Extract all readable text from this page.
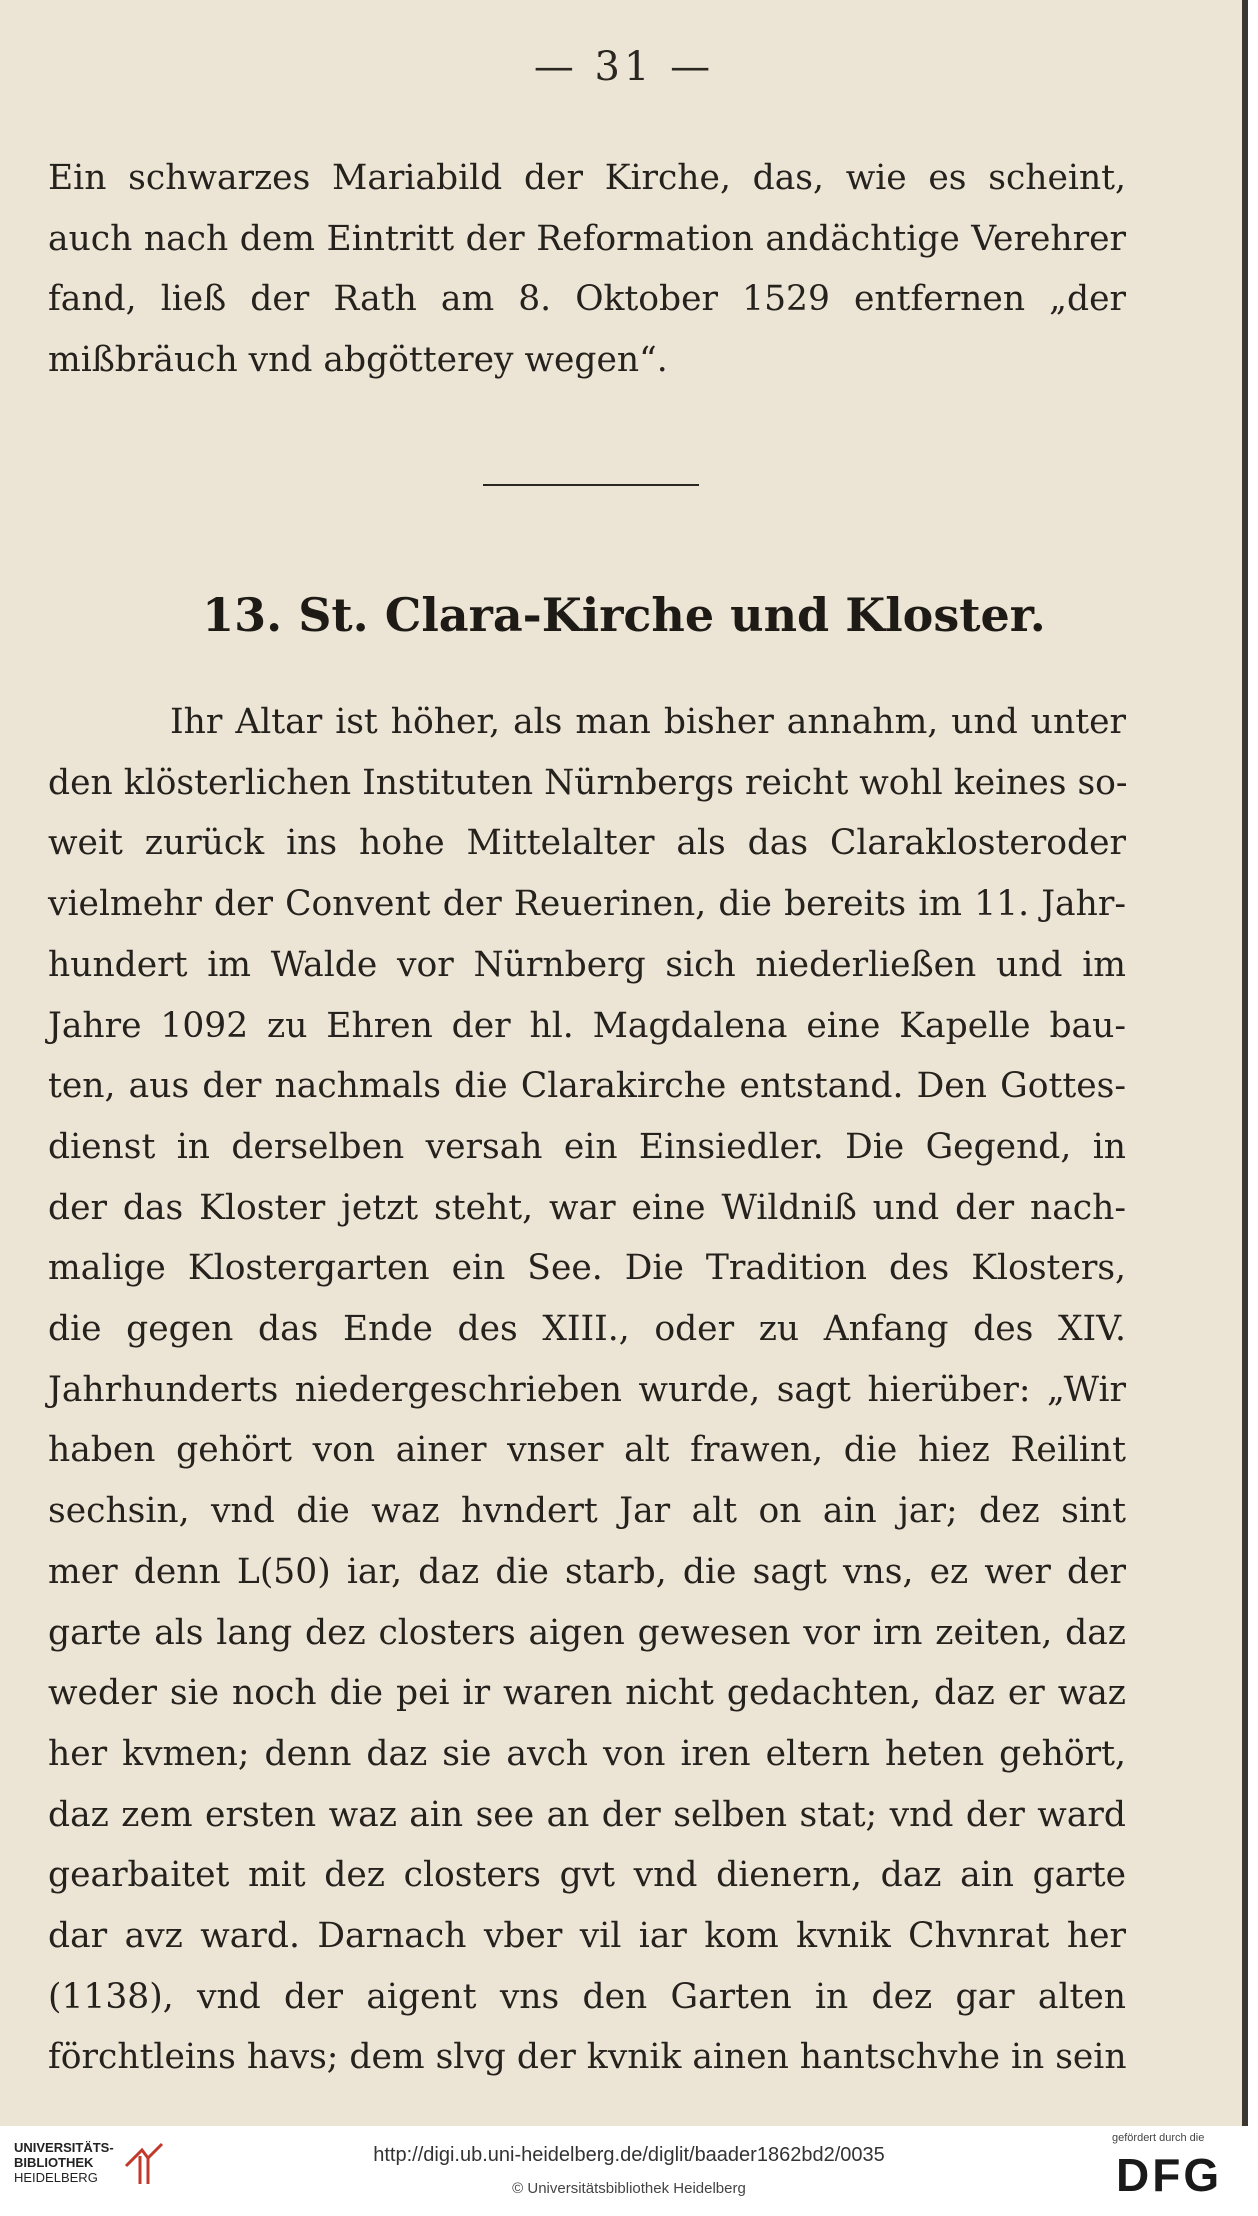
— 31 —
Ein schwarzes Mariabild der Kirche, das, wie es scheint,
auch nach dem Eintritt der Reformation andächtige Verehrer
fand, ließ der Rath am 8. Oktober 1529 entfernen „der
mißbräuch vnd abgötterey wegen“.
13. St. Clara-Kirche und Kloster.
Ihr Altar ist höher, als man bisher annahm, und unter
den klösterlichen Instituten Nürnbergs reicht wohl keines so-
weit zurück ins hohe Mittelalter als das Claraklosteroder
vielmehr der Convent der Reuerinen, die bereits im 11. Jahr-
hundert im Walde vor Nürnberg sich niederließen und im
Jahre 1092 zu Ehren der hl. Magdalena eine Kapelle bau-
ten, aus der nachmals die Clarakirche entstand. Den Gottes-
dienst in derselben versah ein Einsiedler. Die Gegend, in
der das Kloster jetzt steht, war eine Wildniß und der nach-
malige Klostergarten ein See. Die Tradition des Klosters,
die gegen das Ende des XIII., oder zu Anfang des XIV.
Jahrhunderts niedergeschrieben wurde, sagt hierüber: „Wir
haben gehört von ainer vnser alt frawen, die hiez Reilint
sechsin, vnd die waz hvndert Jar alt on ain jar; dez sint
mer denn L(50) iar, daz die starb, die sagt vns, ez wer der
garte als lang dez closters aigen gewesen vor irn zeiten, daz
weder sie noch die pei ir waren nicht gedachten, daz er waz
her kvmen; denn daz sie avch von iren eltern heten gehört,
daz zem ersten waz ain see an der selben stat; vnd der ward
gearbaitet mit dez closters gvt vnd dienern, daz ain garte
dar avz ward. Darnach vber vil iar kom kvnik Chvnrat her
(1138), vnd der aigent vns den Garten in dez gar alten
förchtleins havs; dem slvg der kvnik ainen hantschvhe in sein
UNIVERSITÄTS-
BIBLIOTHEK
HEIDELBERG
http://digi.ub.uni-heidelberg.de/diglit/baader1862bd2/0035
© Universitätsbibliothek Heidelberg
gefördert durch die
DFG
